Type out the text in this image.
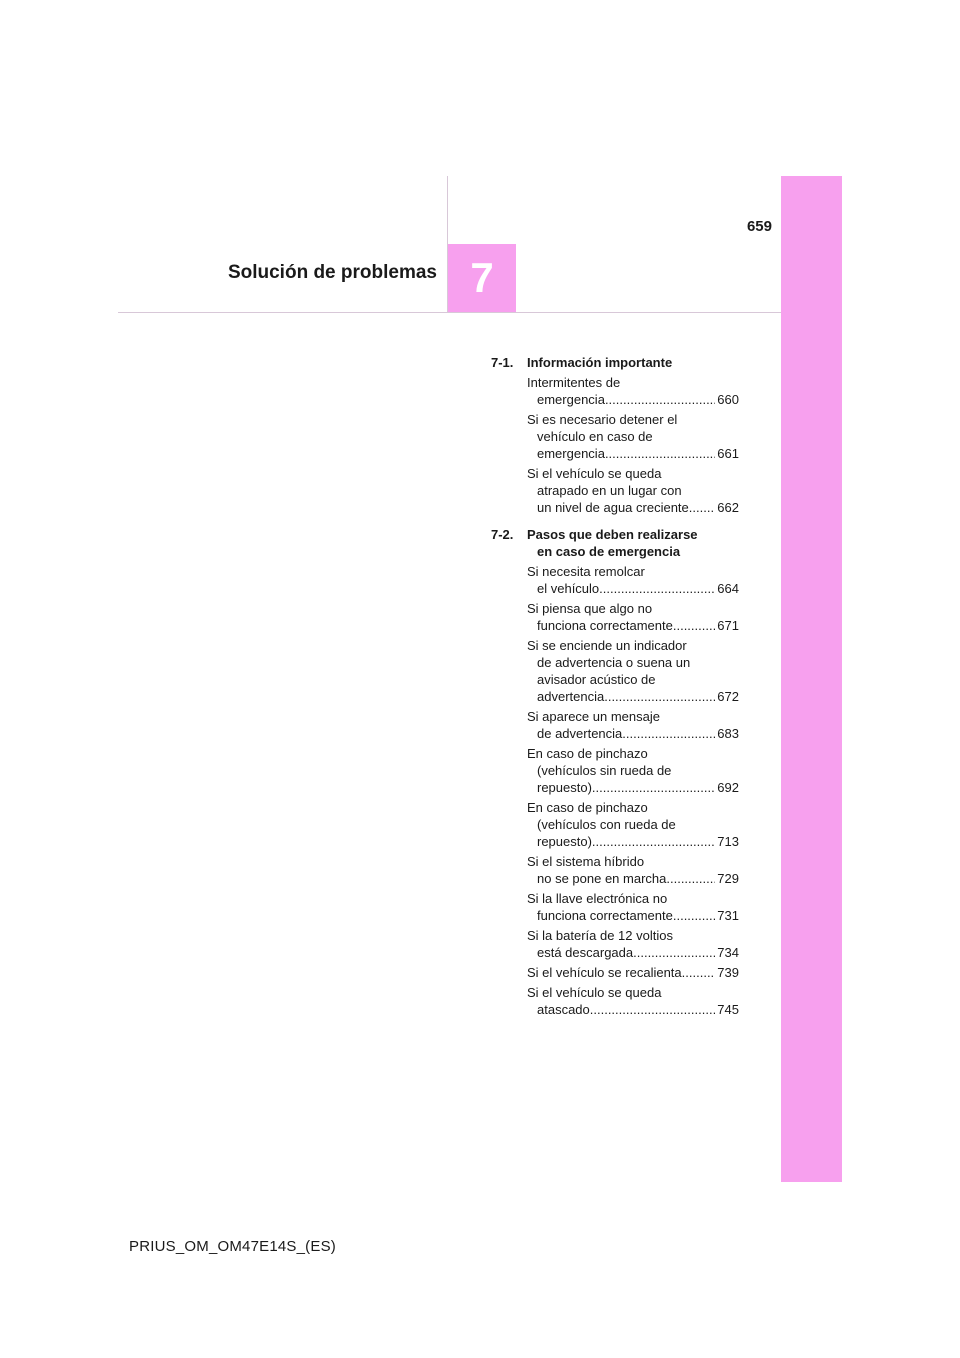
659
Solución de problemas 7
7-1.	Información importante
Intermitentes de
emergencia .....	660
Si es necesario detener el
vehículo en caso de
emergencia .....	661
Si el vehículo se queda
atrapado en un lugar con
un nivel de agua creciente ..... 662
7-2.	Pasos que deben realizarse
en caso de emergencia
Si necesita remolcar
el vehículo .....	664
Si piensa que algo no
funciona correctamente .....	671
Si se enciende un indicador
de advertencia o suena un
avisador acústico de
advertencia .....	672
Si aparece un mensaje
de advertencia .....	683
En caso de pinchazo
(vehículos sin rueda de
repuesto) .....	692
En caso de pinchazo
(vehículos con rueda de
repuesto) .....	713
Si el sistema híbrido
no se pone en marcha .....	729
Si la llave electrónica no
funciona correctamente .....	731
Si la batería de 12 voltios
está descargada .....	734
Si el vehículo se recalienta .....	739
Si el vehículo se queda
atascado .....	745
PRIUS_OM_OM47E14S_(ES)
